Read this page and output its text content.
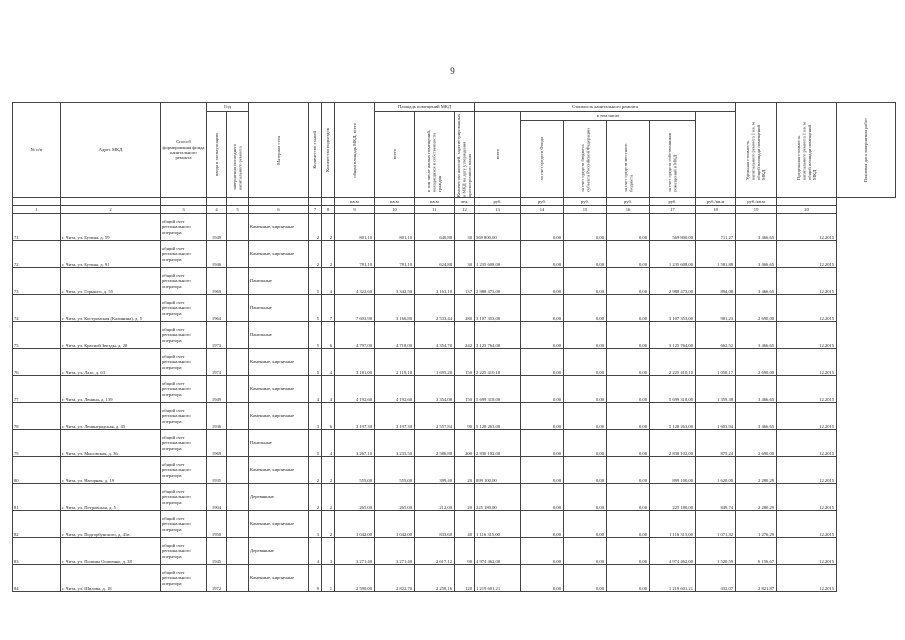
9
№ п/п	Адрес МКД	Способ формирования фонда капитального ремонта	Год		Материал стен	Количество этажей	Количество подъездов	общая площадь МКД, всего	Площадь помещений МКД			Стоимость капитального ремонта						Удельная стоимость капитального ремонта 1 кв. м общей площади помещений МКД	Предельная стоимость капитального ремонта 1 кв. м общей площади помещений МКД	Плановая дата завершения работ

			ввода в эксплуатацию	завершения последнего капитального ремонта					всего	в том числе жилых помещений, находящихся в собственности граждан	Количество жителей, зарегистрированных в МКД на дату утверждения краткосрочного плана	всего	в том числе							

													за счет средств Фонда	за счет средств бюджета субъекта Российской Федерации	за счет средств местного бюджета	за счет средств собственников помещений в МКД				

								кв.м	кв.м	кв.м	чел.	руб.	руб.	руб.	руб.	руб.	руб./кв.м	руб./кв.м		
1	2	3	4	5	6	7	8	9	10	11	12	13	14	15	16	17	18	19	20	
71	г. Чита, ул. Бутина, д. 59	общий счет регионального оператора	1949		Каменные, кирпичные	2	2	801,10	801,10	640,88	30	569 800,00	0,00	0,00	0,00	569 800,00	711,27	3 466,65	12.2015	
72	г. Чита, ул. Бутина, д. 91	общий счет регионального оператора	1946		Каменные, кирпичные	2	2	781,10	781,10	624,88	30	1 235 608,00	0,00	0,00	0,00	1 235 608,00	1 581,88	3 466,65	12.2015	
73	г. Чита, ул. Горького, д. 55	общий счет регионального оператора	1969		Панельные	5	4	4 322,60	3 342,50	3 163,10	137	2 988 473,00	0,00	0,00	0,00	2 988 473,00	894,08	3 466,65	12.2015	
74	г. Чита, ул. Костромская (Калинина), д. 5	общий счет регионального оператора	1964		Панельные	5	7	7 603,90	3 166,80	2 533,44	280	3 107 353,00	0,00	0,00	0,00	3 107 353,00	981,23	2 690,00	12.2015	
75	г. Чита, ул. Красной Звезды, д. 20	общий счет регионального оператора	1973		Панельные	5	6	4 797,00	4 718,00	4 354,70	242	3 125 764,00	0,00	0,00	0,00	3 125 764,00	662,52	3 466,65	12.2015	
76	г. Чита, ул. Лазо, д. 63	общий счет регионального оператора	1974		Каменные, кирпичные	5	4	3 181,00	2 119,10	1 695,28	150	2 225 410,10	0,00	0,00	0,00	2 225 410,10	1 050,17	2 690,00	12.2015	
77	г. Чита, ул. Ленина, д. 139	общий счет регионального оператора	1949		Каменные, кирпичные	4	4	4 192,60	4 192,60	3 354,08	150	5 699 318,00	0,00	0,00	0,00	5 699 318,00	1 359,38	3 466,65	12.2015	
78	г. Чита, ул. Ленинградская, д. 45	общий счет регионального оператора	1936		Каменные, кирпичные	3	6	3 197,30	3 197,30	2 557,84	90	5 128 263,00	0,00	0,00	0,00	5 128 263,00	1 603,94	3 466,65	12.2015	
79	г. Чита, ул. Мысовская, д. 36	общий счет регионального оператора	1969		Панельные	5	4	3 267,10	3 233,50	2 586,80	200	2 830 102,00	0,00	0,00	0,00	2 830 102,00	875,24	2 690,00	12.2015	
80	г. Чита, ул. Нагорная, д. 19	общий счет регионального оператора	1935		Каменные, кирпичные	2	2	555,00	555,00	399,40	20	899 100,00	0,00	0,00	0,00	899 100,00	1 620,00	2 280,29	12.2015	
81	г. Чита, ул. Петровская, д. 5	общий счет регионального оператора	1904		Деревянные	2	2	265,00	265,00	212,00	20	225 180,00	0,00	0,00	0,00	225 180,00	849,74	2 280,29	12.2015	
82	г. Чита, ул. Подгорбунского, д. 41в	общий счет регионального оператора	1950		Каменные, кирпичные	3	2	1 042,00	1 042,00	833,60	40	1 116 315,00	0,00	0,00	0,00	1 116 315,00	1 071,32	1 276,29	12.2015	
83	г. Чита, ул. Полины Осипенко, д. 38	общий счет регионального оператора	1945		Деревянные	4	3	3 271,40	3 271,40	2 617,12	90	4 974 462,00	0,00	0,00	0,00	4 974 462,00	1 520,59	6 156,67	12.2015	
84	г. Чита, ул. Шилова, д. 18	общий счет регионального оператора	1972		Каменные, кирпичные	9	1	2 590,00	2 822,70	2 258,16	120	1 219 601,21	0,00	0,00	0,00	1 219 601,21	432,07	2 821,87	12.2015	
